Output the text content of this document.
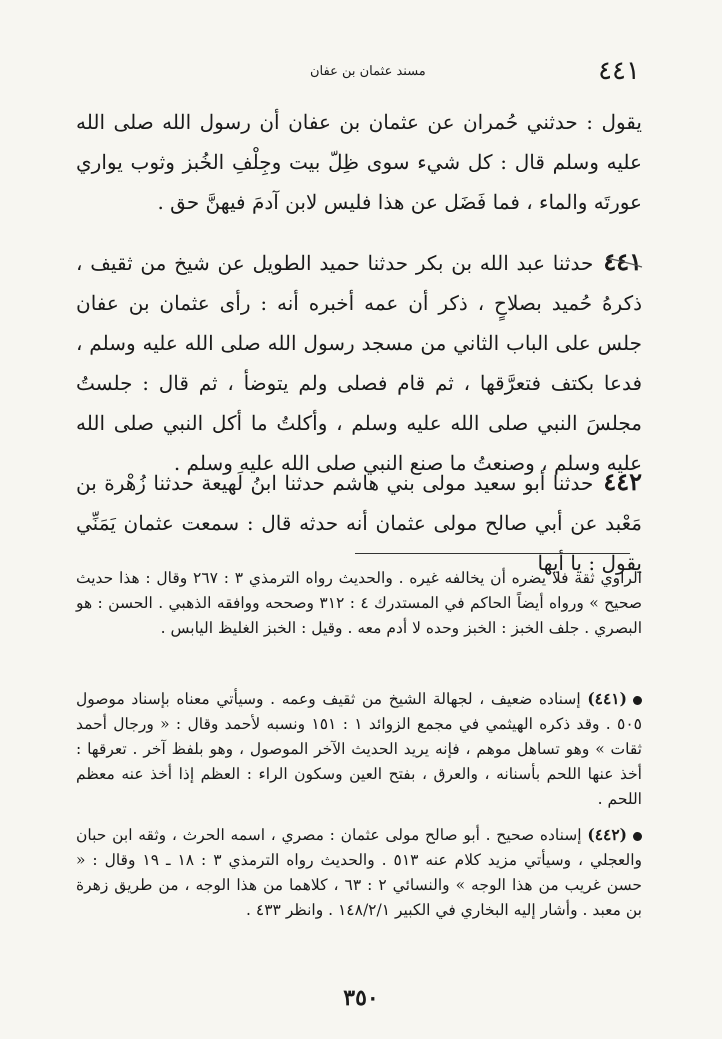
٤٤١
مسند عثمان بن عفان

يقول : حدثني حُمران عن عثمان بن عفان أن رسول الله صلى الله عليه وسلم قال : كل شيء سوى ظِلّ بيت وجِلْفِ الخُبز وثوب يواري عورتَه والماء ، فما فَضَل عن هذا فليس لابن آدمَ فيهنَّ حق .

٤٤١حدثنا عبد الله بن بكر حدثنا حميد الطويل عن شيخ من ثقيف ، ذكرهُ حُميد بصلاحٍ ، ذكر أن عمه أخبره أنه : رأى عثمان بن عفان جلس على الباب الثاني من مسجد رسول الله صلى الله عليه وسلم ، فدعا بكتف فتعرَّقها ، ثم قام فصلى ولم يتوضأ ، ثم قال : جلستُ مجلسَ النبي صلى الله عليه وسلم ، وأكلتُ ما أكل النبي صلى الله عليه وسلم ، وصنعتُ ما صنع النبي صلى الله عليه وسلم .

٤٤٢حدثنا أبو سعيد مولى بني هاشم حدثنا ابنُ لَهيعة حدثنا زُهْرة بن مَعْبد عن أبي صالح مولى عثمان أنه حدثه قال : سمعت عثمان يَمَنِّي يقول : يا أيها

الراوي ثقة فلا يضره أن يخالفه غيره . والحديث رواه الترمذي ٣ : ٢٦٧ وقال : هذا حديث صحيح » ورواه أيضاً الحاكم في المستدرك ٤ : ٣١٢ وصححه ووافقه الذهبي . الحسن : هو البصري . جلف الخبز : الخبز وحده لا أدم معه . وقيل : الخبز الغليظ اليابس .

(٤٤١) إسناده ضعيف ، لجهالة الشيخ من ثقيف وعمه . وسيأتي معناه بإسناد موصول ٥٠٥ . وقد ذكره الهيثمي في مجمع الزوائد ١ : ١٥١ ونسبه لأحمد وقال : « ورجال أحمد ثقات » وهو تساهل موهم ، فإنه يريد الحديث الآخر الموصول ، وهو بلفظ آخر . تعرقها : أخذ عنها اللحم بأسنانه ، والعرق ، بفتح العين وسكون الراء : العظم إذا أخذ عنه معظم اللحم .

(٤٤٢) إسناده صحيح . أبو صالح مولى عثمان : مصري ، اسمه الحرث ، وثقه ابن حبان والعجلي ، وسيأتي مزيد كلام عنه ٥١٣ . والحديث رواه الترمذي ٣ : ١٨ ـ ١٩ وقال : « حسن غريب من هذا الوجه » والنسائي ٢ : ٦٣ ، كلاهما من هذا الوجه ، من طريق زهرة بن معبد . وأشار إليه البخاري في الكبير ١٤٨/٢/١ . وانظر ٤٣٣ .

٣٥٠
